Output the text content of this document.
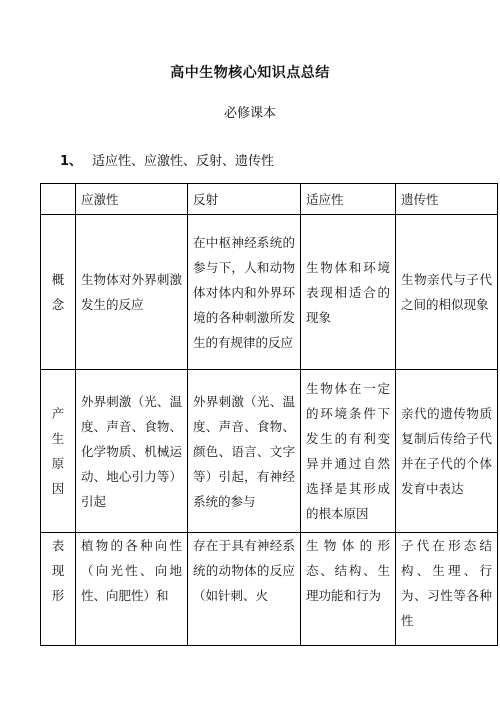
高中生物核心知识点总结
必修课本
1、 适应性、应激性、反射、遗传性
	应激性	反射	适应性	遗传性

概
念	生物体对外界刺激发生的反应	在中枢神经系统的参与下，人和动物体对体内和外界环境的各种刺激所发生的有规律的反应	生物体和环境表现相适合的现象	生物亲代与子代之间的相似现象

产
生
原
因	外界刺激（光、温度、声音、食物、化学物质、机械运动、地心引力等）引起	外界刺激（光、温度、声音、食物、颜色、语言、文字等）引起，有神经系统的参与	生物体在一定的环境条件下发生的有利变异并通过自然选择是其形成的根本原因	亲代的遗传物质复制后传给子代并在子代的个体发育中表达

表
现
形	植物的各种向性（向光性、向地性、向肥性）和	存在于具有神经系统的动物体的反应（如针刺、火	生物体的形态、结构、生理功能和行为	子代在形态结构、生理、行为、习性等各种性
